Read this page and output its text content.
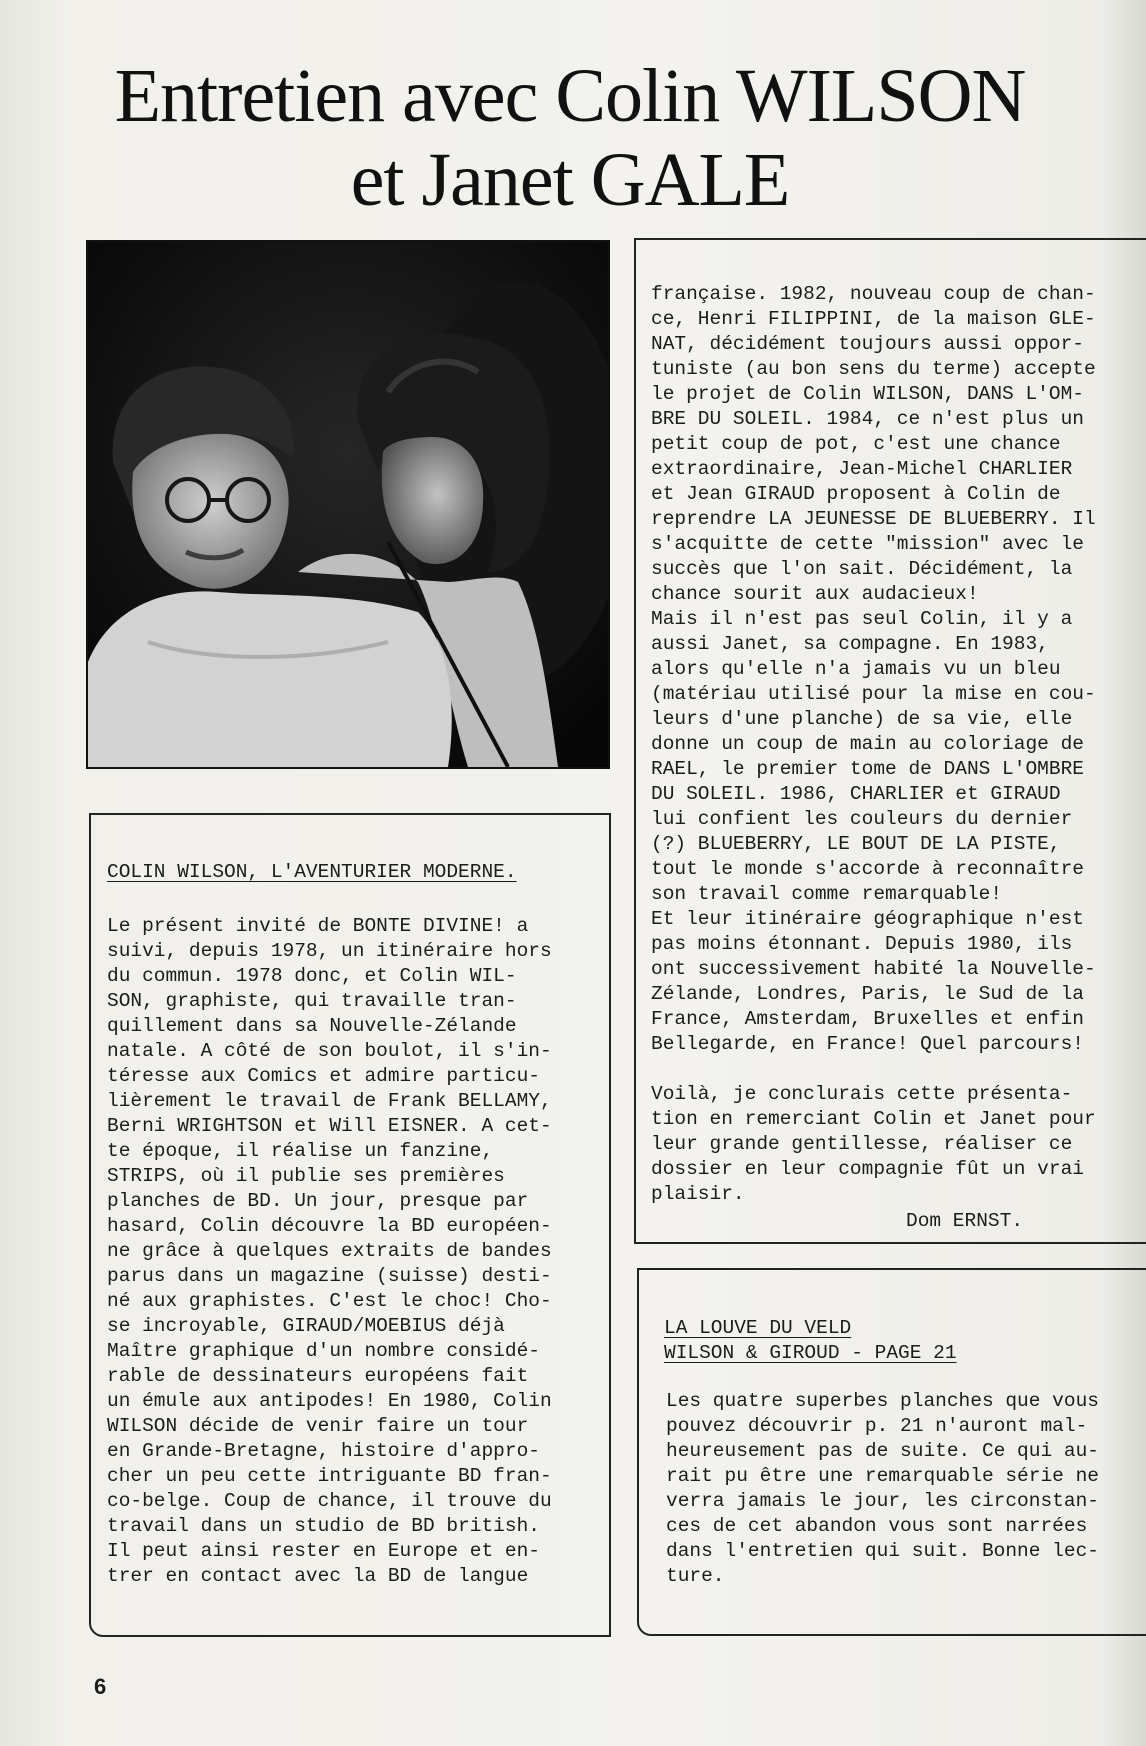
Entretien avec Colin WILSON
et Janet GALE
COLIN WILSON, L'AVENTURIER MODERNE.
Le présent invité de BONTE DIVINE! a
suivi, depuis 1978, un itinéraire hors
du commun. 1978 donc, et Colin WIL-
SON, graphiste, qui travaille tran-
quillement dans sa Nouvelle-Zélande
natale. A côté de son boulot, il s'in-
téresse aux Comics et admire particu-
lièrement le travail de Frank BELLAMY,
Berni WRIGHTSON et Will EISNER. A cet-
te époque, il réalise un fanzine,
STRIPS, où il publie ses premières
planches de BD. Un jour, presque par
hasard, Colin découvre la BD européen-
ne grâce à quelques extraits de bandes
parus dans un magazine (suisse) desti-
né aux graphistes. C'est le choc! Cho-
se incroyable, GIRAUD/MOEBIUS déjà
Maître graphique d'un nombre considé-
rable de dessinateurs européens fait
un émule aux antipodes! En 1980, Colin
WILSON décide de venir faire un tour
en Grande-Bretagne, histoire d'appro-
cher un peu cette intriguante BD fran-
co-belge. Coup de chance, il trouve du
travail dans un studio de BD british.
Il peut ainsi rester en Europe et en-
trer en contact avec la BD de langue
française. 1982, nouveau coup de chan-
ce, Henri FILIPPINI, de la maison GLE-
NAT, décidément toujours aussi oppor-
tuniste (au bon sens du terme) accepte
le projet de Colin WILSON, DANS L'OM-
BRE DU SOLEIL. 1984, ce n'est plus un
petit coup de pot, c'est une chance
extraordinaire, Jean-Michel CHARLIER
et Jean GIRAUD proposent à Colin de
reprendre LA JEUNESSE DE BLUEBERRY. Il
s'acquitte de cette "mission" avec le
succès que l'on sait. Décidément, la
chance sourit aux audacieux!
Mais il n'est pas seul Colin, il y a
aussi Janet, sa compagne. En 1983,
alors qu'elle n'a jamais vu un bleu
(matériau utilisé pour la mise en cou-
leurs d'une planche) de sa vie, elle
donne un coup de main au coloriage de
RAEL, le premier tome de DANS L'OMBRE
DU SOLEIL. 1986, CHARLIER et GIRAUD
lui confient les couleurs du dernier
(?) BLUEBERRY, LE BOUT DE LA PISTE,
tout le monde s'accorde à reconnaître
son travail comme remarquable!
Et leur itinéraire géographique n'est
pas moins étonnant. Depuis 1980, ils
ont successivement habité la Nouvelle-
Zélande, Londres, Paris, le Sud de la
France, Amsterdam, Bruxelles et enfin
Bellegarde, en France! Quel parcours!

Voilà, je conclurais cette présenta-
tion en remerciant Colin et Janet pour
leur grande gentillesse, réaliser ce
dossier en leur compagnie fût un vrai
plaisir.
Dom ERNST.
LA LOUVE DU VELD
WILSON & GIROUD - PAGE 21
Les quatre superbes planches que vous
pouvez découvrir p. 21 n'auront mal-
heureusement pas de suite. Ce qui au-
rait pu être une remarquable série ne
verra jamais le jour, les circonstan-
ces de cet abandon vous sont narrées
dans l'entretien qui suit. Bonne lec-
ture.
6
